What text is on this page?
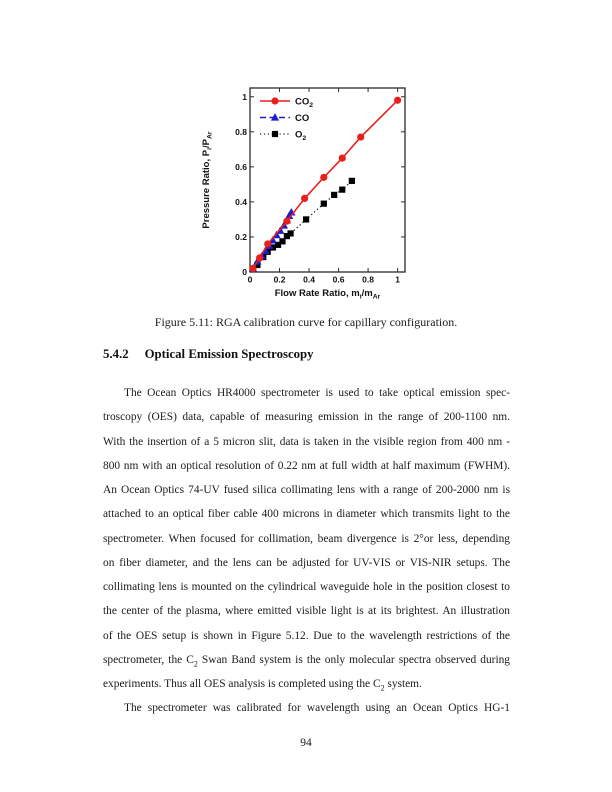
0 0.2 0.4 0.6 0.8 1
0
0.2
0.4
0.6
0.8
1
Flow Rate Ratio, $m_i/m_{Ar}$
Pressure Ratio, $P_i/P_{Ar}$
$CO_2$
CO
$O_2$
Figure 5.11: RGA calibration curve for capillary configuration.
5.4.2 Optical Emission Spectroscopy
The Ocean Optics HR4000 spectrometer is used to take optical emission spec-
troscopy (OES) data, capable of measuring emission in the range of 200-1100 nm.
With the insertion of a 5 micron slit, data is taken in the visible region from 400 nm -
800 nm with an optical resolution of 0.22 nm at full width at half maximum (FWHM).
An Ocean Optics 74-UV fused silica collimating lens with a range of 200-2000 nm is
attached to an optical fiber cable 400 microns in diameter which transmits light to the
spectrometer. When focused for collimation, beam divergence is 2°or less, depending
on fiber diameter, and the lens can be adjusted for UV-VIS or VIS-NIR setups. The
collimating lens is mounted on the cylindrical waveguide hole in the position closest to
the center of the plasma, where emitted visible light is at its brightest. An illustration
of the OES setup is shown in Figure 5.12. Due to the wavelength restrictions of the
spectrometer, the $C_2$ Swan Band system is the only molecular spectra observed during
experiments. Thus all OES analysis is completed using the $C_2$ system.
The spectrometer was calibrated for wavelength using an Ocean Optics HG-1
94
